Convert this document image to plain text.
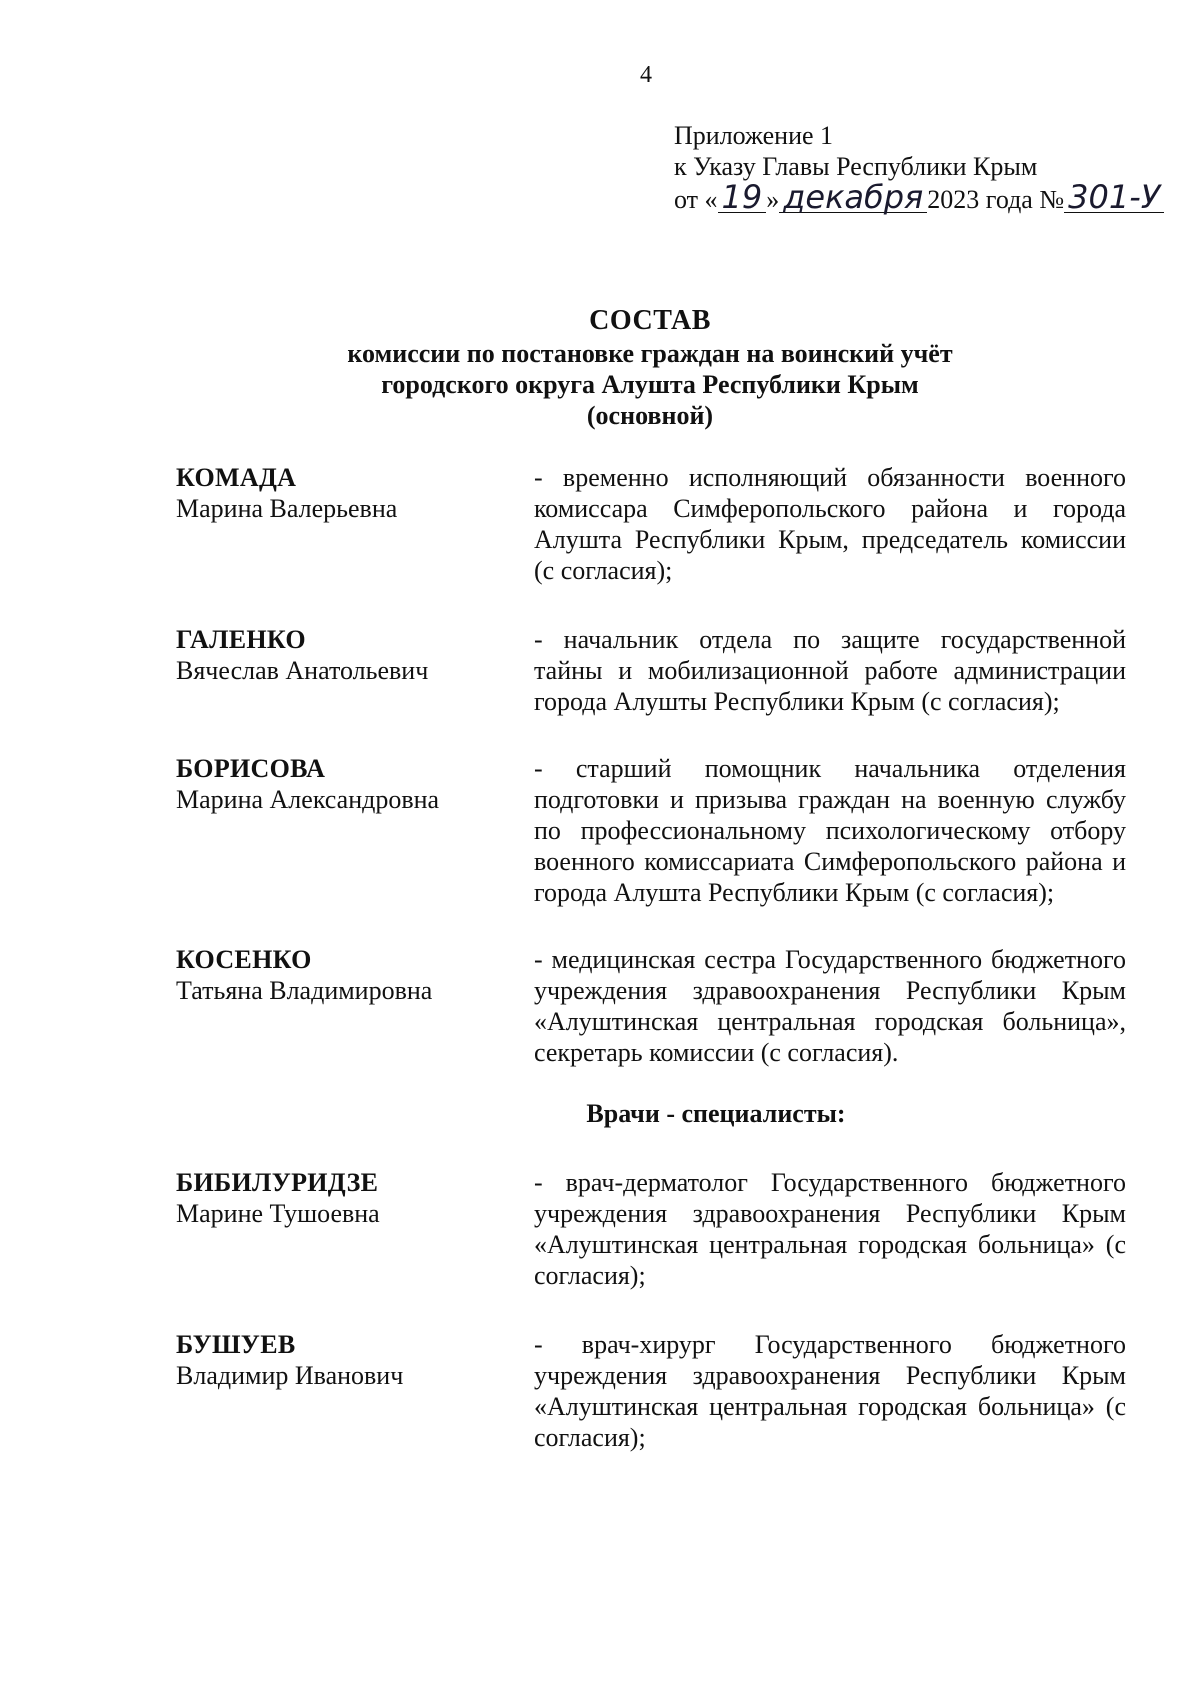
4
Приложение 1
к Указу Главы Республики Крым
от « 19 » декабря 2023 года № 301-У
СОСТАВ
комиссии по постановке граждан на воинский учёт
городского округа Алушта Республики Крым
(основной)
КОМАДА
Марина Валерьевна
- временно исполняющий обязанности военного комиссара Симферопольского района и города Алушта Республики Крым, председатель комиссии (с согласия);
ГАЛЕНКО
Вячеслав Анатольевич
- начальник отдела по защите государственной тайны и мобилизационной работе администрации города Алушты Республики Крым (с согласия);
БОРИСОВА
Марина Александровна
- старший помощник начальника отделения подготовки и призыва граждан на военную службу по профессиональному психологическому отбору военного комиссариата Симферопольского района и города Алушта Республики Крым (с согласия);
КОСЕНКО
Татьяна Владимировна
- медицинская сестра Государственного бюджетного учреждения здравоохранения Республики Крым «Алуштинская центральная городская больница», секретарь комиссии (с согласия).
Врачи - специалисты:
БИБИЛУРИДЗЕ
Марине Тушоевна
- врач-дерматолог Государственного бюджетного учреждения здравоохранения Республики Крым «Алуштинская центральная городская больница» (с согласия);
БУШУЕВ
Владимир Иванович
- врач-хирург Государственного бюджетного учреждения здравоохранения Республики Крым «Алуштинская центральная городская больница» (с согласия);
